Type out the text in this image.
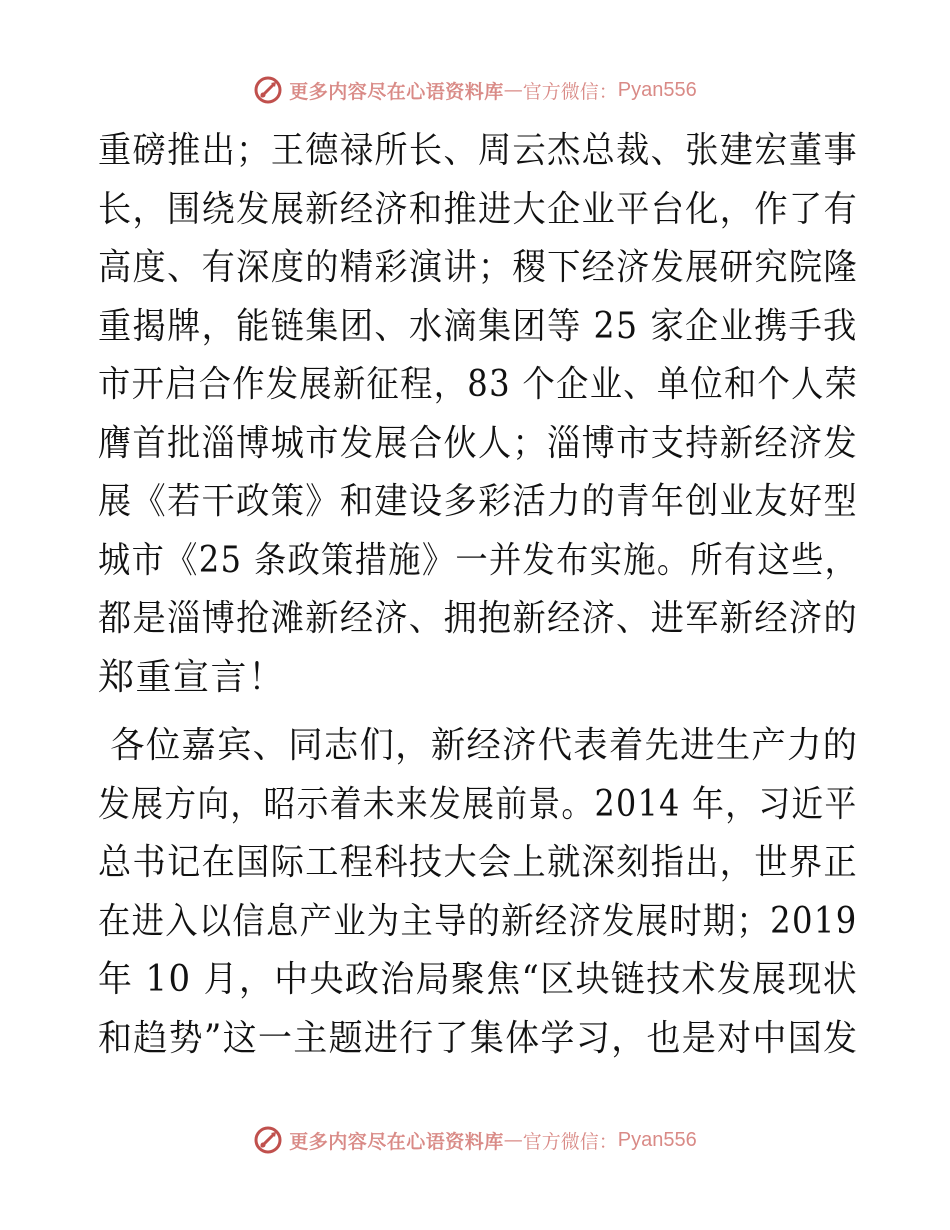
更多内容尽在心语资料库 — 官方微信： Pyan556

重磅推出；王德禄所长、周云杰总裁、张建宏董事
长，围绕发展新经济和推进大企业平台化，作了有
高度、有深度的精彩演讲；稷下经济发展研究院隆
重揭牌，能链集团、水滴集团等 25 家企业携手我
市开启合作发展新征程，83 个企业、单位和个人荣
膺首批淄博城市发展合伙人；淄博市支持新经济发
展《若干政策》和建设多彩活力的青年创业友好型
城市《25 条政策措施》一并发布实施。所有这些，
都是淄博抢滩新经济、拥抱新经济、进军新经济的
郑重宣言！

各位嘉宾、同志们，新经济代表着先进生产力的
发展方向，昭示着未来发展前景。2014 年，习近平
总书记在国际工程科技大会上就深刻指出，世界正
在进入以信息产业为主导的新经济发展时期；2019
年 10 月，中央政治局聚焦“区块链技术发展现状
和趋势”这一主题进行了集体学习，也是对中国发

更多内容尽在心语资料库 — 官方微信： Pyan556
